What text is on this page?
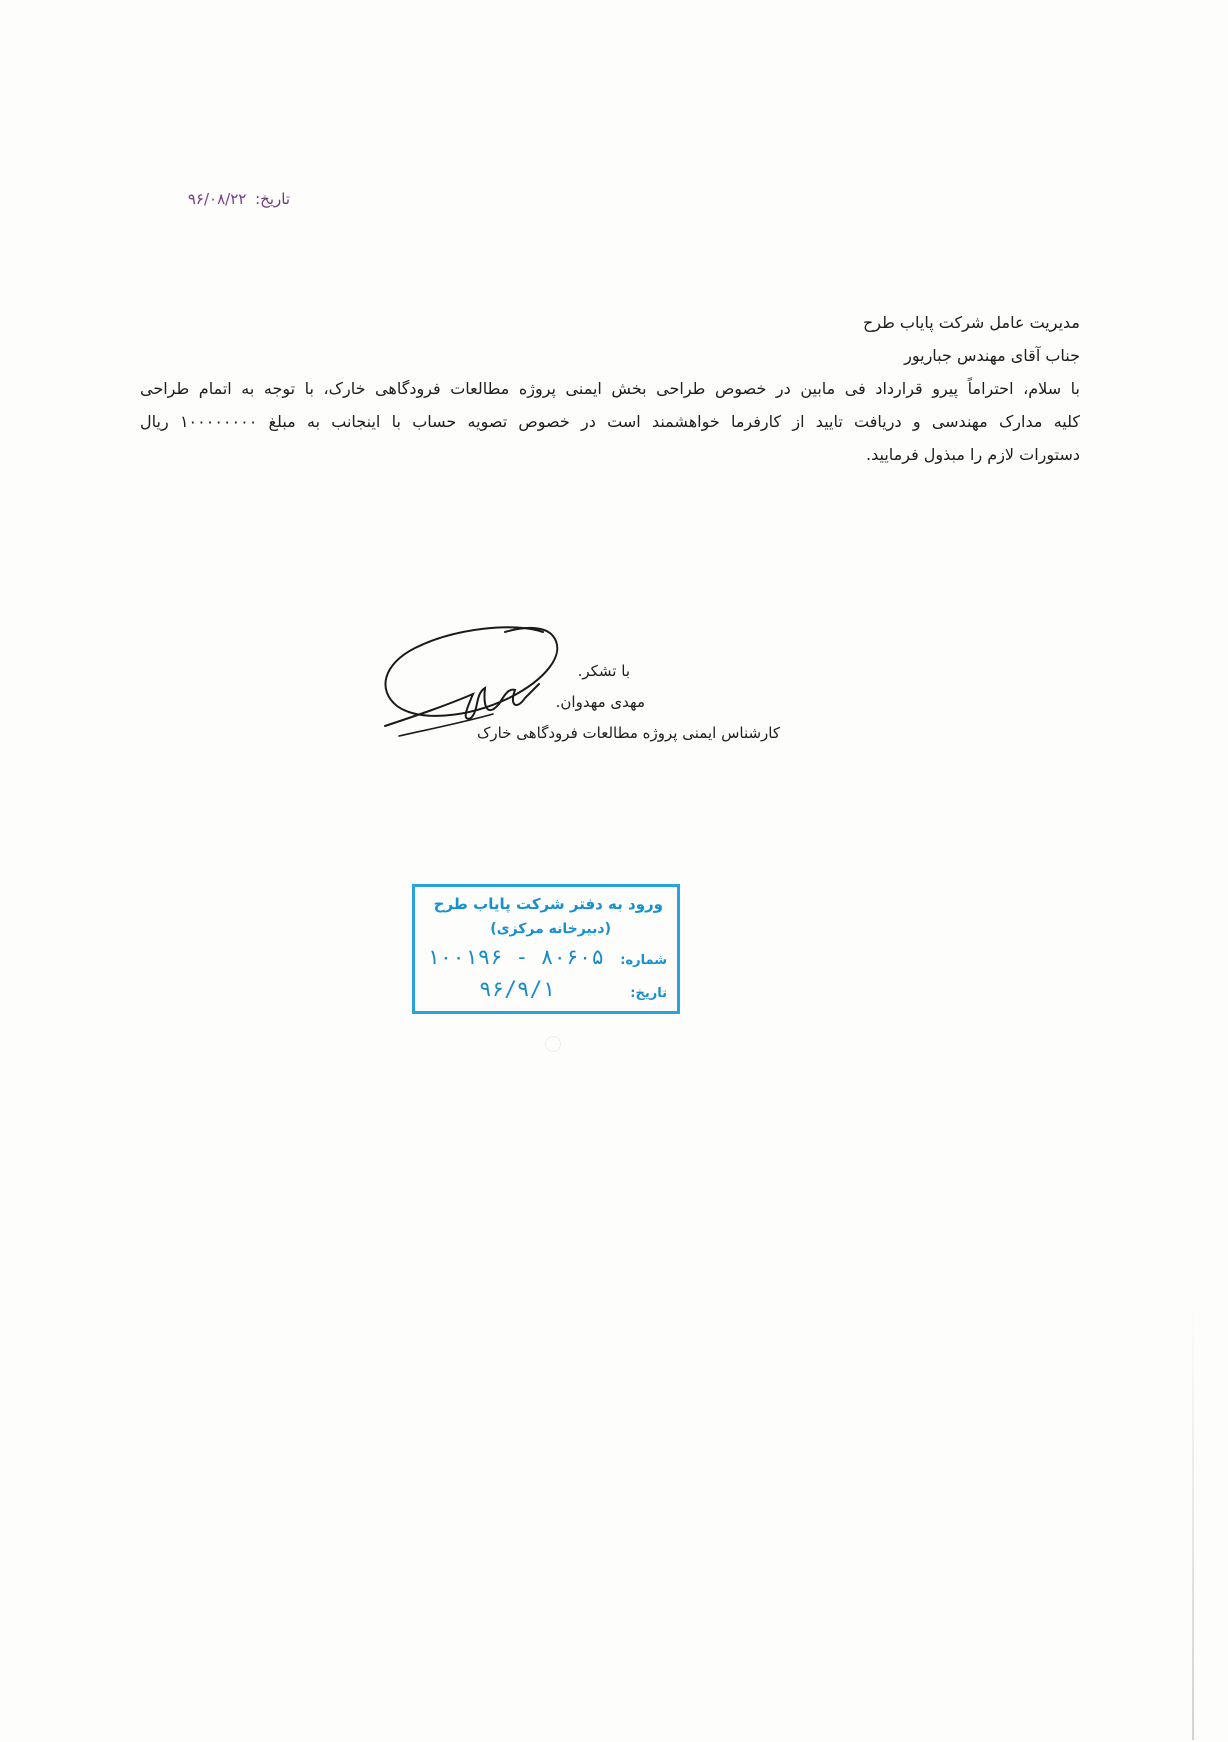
تاریخ: ۹۶/۰۸/۲۲

مدیریت عامل شرکت پایاب طرح

جناب آقای مهندس جباریور

با سلام، احتراماً پیرو قرارداد فی مابین در خصوص طراحی بخش ایمنی پروژه مطالعات فرودگاهی خارک، با توجه به اتمام طراحی

کلیه مدارک مهندسی و دریافت تایید از کارفرما خواهشمند است در خصوص تصویه حساب با اینجانب به مبلغ ۱۰۰۰۰۰۰۰۰ ریال

دستورات لازم را مبذول فرمایید.

با تشکر.
مهدی مهدوان.
کارشناس ایمنی پروژه مطالعات فرودگاهی خارک
ورود به دفتر شرکت پایاب طرح
(دبیرخانه مرکزی)
شماره:
۱۰۰۱۹۶ - ۸۰۶۰۵
تاریخ:
۹۶/۹/۱
